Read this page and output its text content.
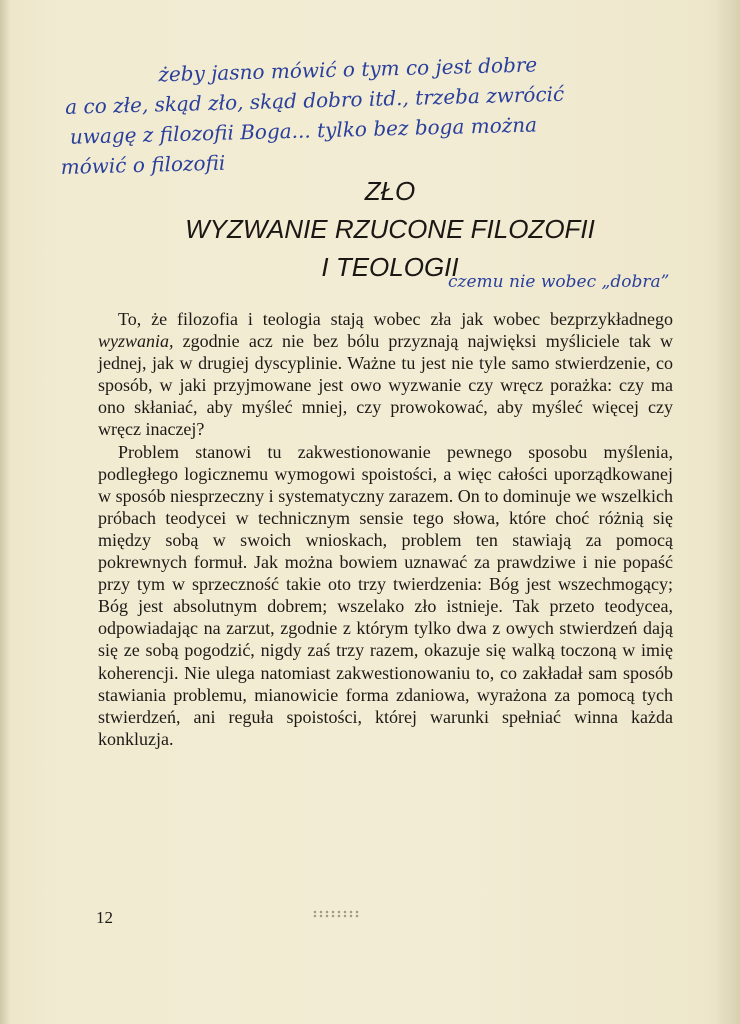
żeby jasno mówić o tym co jest dobre
a co złe, skąd zło, skąd dobro itd., trzeba zwrócić
uwagę z filozofii Boga... tylko bez boga można
mówić o filozofii
ZŁO
WYZWANIE RZUCONE FILOZOFII
I TEOLOGII
czemu nie wobec „dobra”

To, że filozofia i teologia stają wobec zła jak wobec bezprzykładnego wyzwania, zgodnie acz nie bez bólu przyznają najwięksi myśliciele tak w jednej, jak w drugiej dyscyplinie. Ważne tu jest nie tyle samo stwierdzenie, co sposób, w jaki przyjmowane jest owo wyzwanie czy wręcz porażka: czy ma ono skłaniać, aby myśleć mniej, czy prowokować, aby myśleć więcej czy wręcz inaczej?

Problem stanowi tu zakwestionowanie pewnego sposobu myślenia, podległego logicznemu wymogowi spoistości, a więc całości uporządkowanej w sposób niesprzeczny i systematyczny zarazem. On to dominuje we wszelkich próbach teodycei w technicznym sensie tego słowa, które choć różnią się między sobą w swoich wnioskach, problem ten stawiają za pomocą pokrewnych formuł. Jak można bowiem uznawać za prawdziwe i nie popaść przy tym w sprzeczność takie oto trzy twierdzenia: Bóg jest wszechmogący; Bóg jest absolutnym dobrem; wszelako zło istnieje. Tak przeto teodycea, odpowiadając na zarzut, zgodnie z którym tylko dwa z owych stwierdzeń dają się ze sobą pogodzić, nigdy zaś trzy razem, okazuje się walką toczoną w imię koherencji. Nie ulega natomiast zakwestionowaniu to, co zakładał sam sposób stawiania problemu, mianowicie forma zdaniowa, wyrażona za pomocą tych stwierdzeń, ani reguła spoistości, której warunki spełniać winna każda konkluzja.

12
